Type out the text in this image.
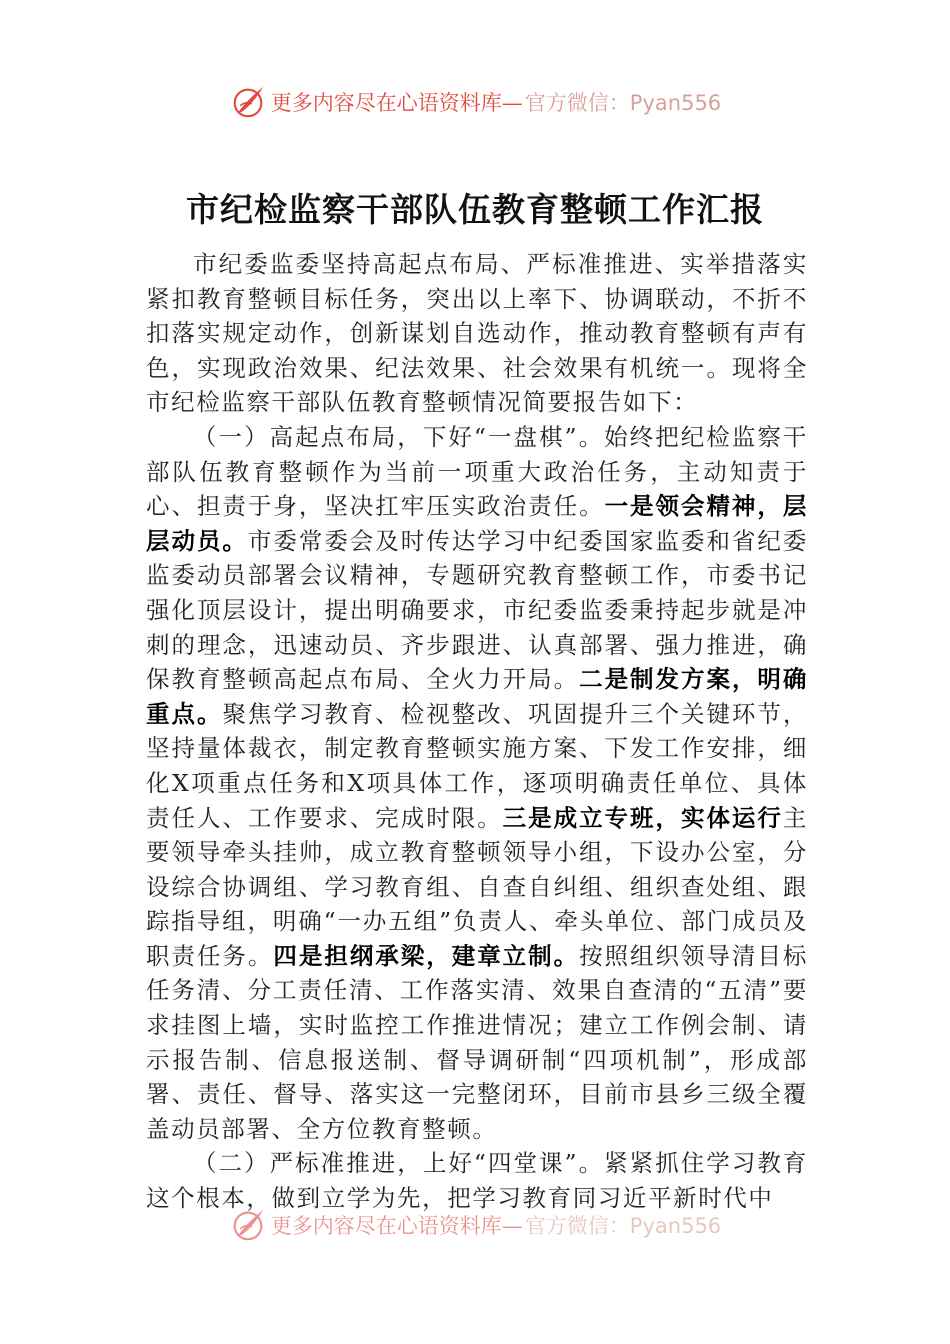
更多内容尽在心语资料库— 官方微信：Pyan556
市纪检监察干部队伍教育整顿工作汇报

市纪委监委坚持高起点布局、严标准推进、实举措落实紧扣教育整顿目标任务，突出以上率下、协调联动，不折不扣落实规定动作，创新谋划自选动作，推动教育整顿有声有色，实现政治效果、纪法效果、社会效果有机统一。现将全市纪检监察干部队伍教育整顿情况简要报告如下：

（一）高起点布局，下好“一盘棋”。始终把纪检监察干部队伍教育整顿作为当前一项重大政治任务，主动知责于心、担责于身，坚决扛牢压实政治责任。一是领会精神，层层动员。市委常委会及时传达学习中纪委国家监委和省纪委监委动员部署会议精神，专题研究教育整顿工作，市委书记强化顶层设计，提出明确要求，市纪委监委秉持起步就是冲刺的理念，迅速动员、齐步跟进、认真部署、强力推进，确保教育整顿高起点布局、全火力开局。二是制发方案，明确重点。聚焦学习教育、检视整改、巩固提升三个关键环节，坚持量体裁衣，制定教育整顿实施方案、下发工作安排，细化X项重点任务和X项具体工作，逐项明确责任单位、具体责任人、工作要求、完成时限。三是成立专班，实体运行主要领导牵头挂帅，成立教育整顿领导小组，下设办公室，分设综合协调组、学习教育组、自查自纠组、组织查处组、跟踪指导组，明确“一办五组”负责人、牵头单位、部门成员及职责任务。四是担纲承梁，建章立制。按照组织领导清目标任务清、分工责任清、工作落实清、效果自查清的“五清”要求挂图上墙，实时监控工作推进情况；建立工作例会制、请示报告制、信息报送制、督导调研制“四项机制”，形成部署、责任、督导、落实这一完整闭环，目前市县乡三级全覆盖动员部署、全方位教育整顿。

（二）严标准推进，上好“四堂课”。紧紧抓住学习教育这个根本，做到立学为先，把学习教育同习近平新时代中

更多内容尽在心语资料库— 官方微信：Pyan556
